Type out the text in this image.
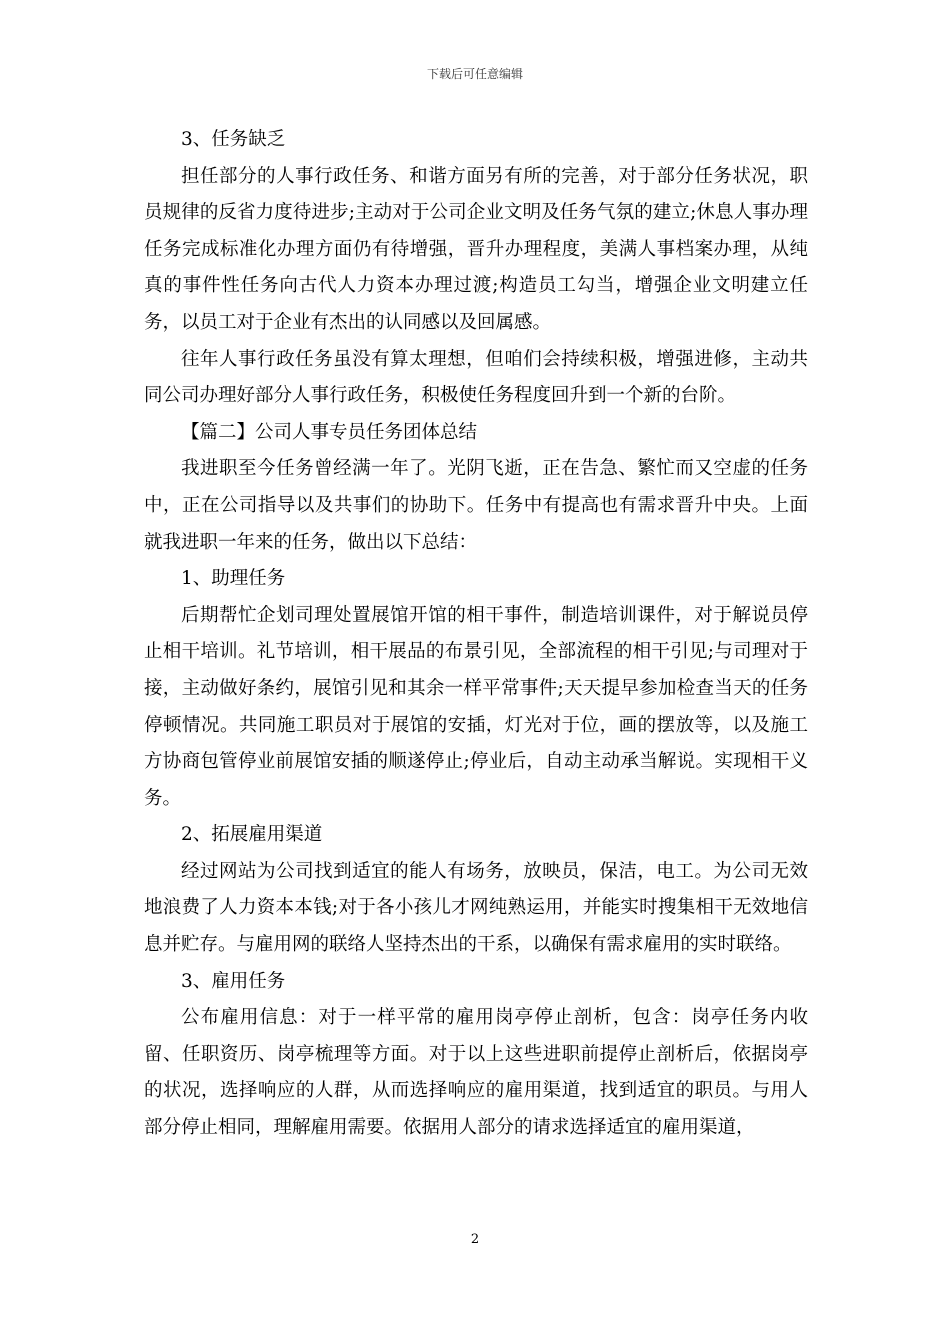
下载后可任意编辑

3、任务缺乏

担任部分的人事行政任务、和谐方面另有所的完善，对于部分任务状况，职员规律的反省力度待进步;主动对于公司企业文明及任务气氛的建立;休息人事办理任务完成标准化办理方面仍有待增强，晋升办理程度，美满人事档案办理，从纯真的事件性任务向古代人力资本办理过渡;构造员工勾当，增强企业文明建立任务，以员工对于企业有杰出的认同感以及回属感。

往年人事行政任务虽没有算太理想，但咱们会持续积极，增强进修，主动共同公司办理好部分人事行政任务，积极使任务程度回升到一个新的台阶。

【篇二】公司人事专员任务团体总结

我进职至今任务曾经满一年了。光阴飞逝，正在告急、繁忙而又空虚的任务中，正在公司指导以及共事们的协助下。任务中有提高也有需求晋升中央。上面就我进职一年来的任务，做出以下总结：

1、助理任务

后期帮忙企划司理处置展馆开馆的相干事件，制造培训课件，对于解说员停止相干培训。礼节培训，相干展品的布景引见，全部流程的相干引见;与司理对于接，主动做好条约，展馆引见和其余一样平常事件;天天提早参加检查当天的任务停顿情况。共同施工职员对于展馆的安插，灯光对于位，画的摆放等，以及施工方协商包管停业前展馆安插的顺遂停止;停业后，自动主动承当解说。实现相干义务。

2、拓展雇用渠道

经过网站为公司找到适宜的能人有场务，放映员，保洁，电工。为公司无效地浪费了人力资本本钱;对于各小孩儿才网纯熟运用，并能实时搜集相干无效地信息并贮存。与雇用网的联络人坚持杰出的干系，以确保有需求雇用的实时联络。

3、雇用任务

公布雇用信息：对于一样平常的雇用岗亭停止剖析，包含：岗亭任务内收留、任职资历、岗亭梳理等方面。对于以上这些进职前提停止剖析后，依据岗亭的状况，选择响应的人群，从而选择响应的雇用渠道，找到适宜的职员。与用人部分停止相同，理解雇用需要。依据用人部分的请求选择适宜的雇用渠道，

2
